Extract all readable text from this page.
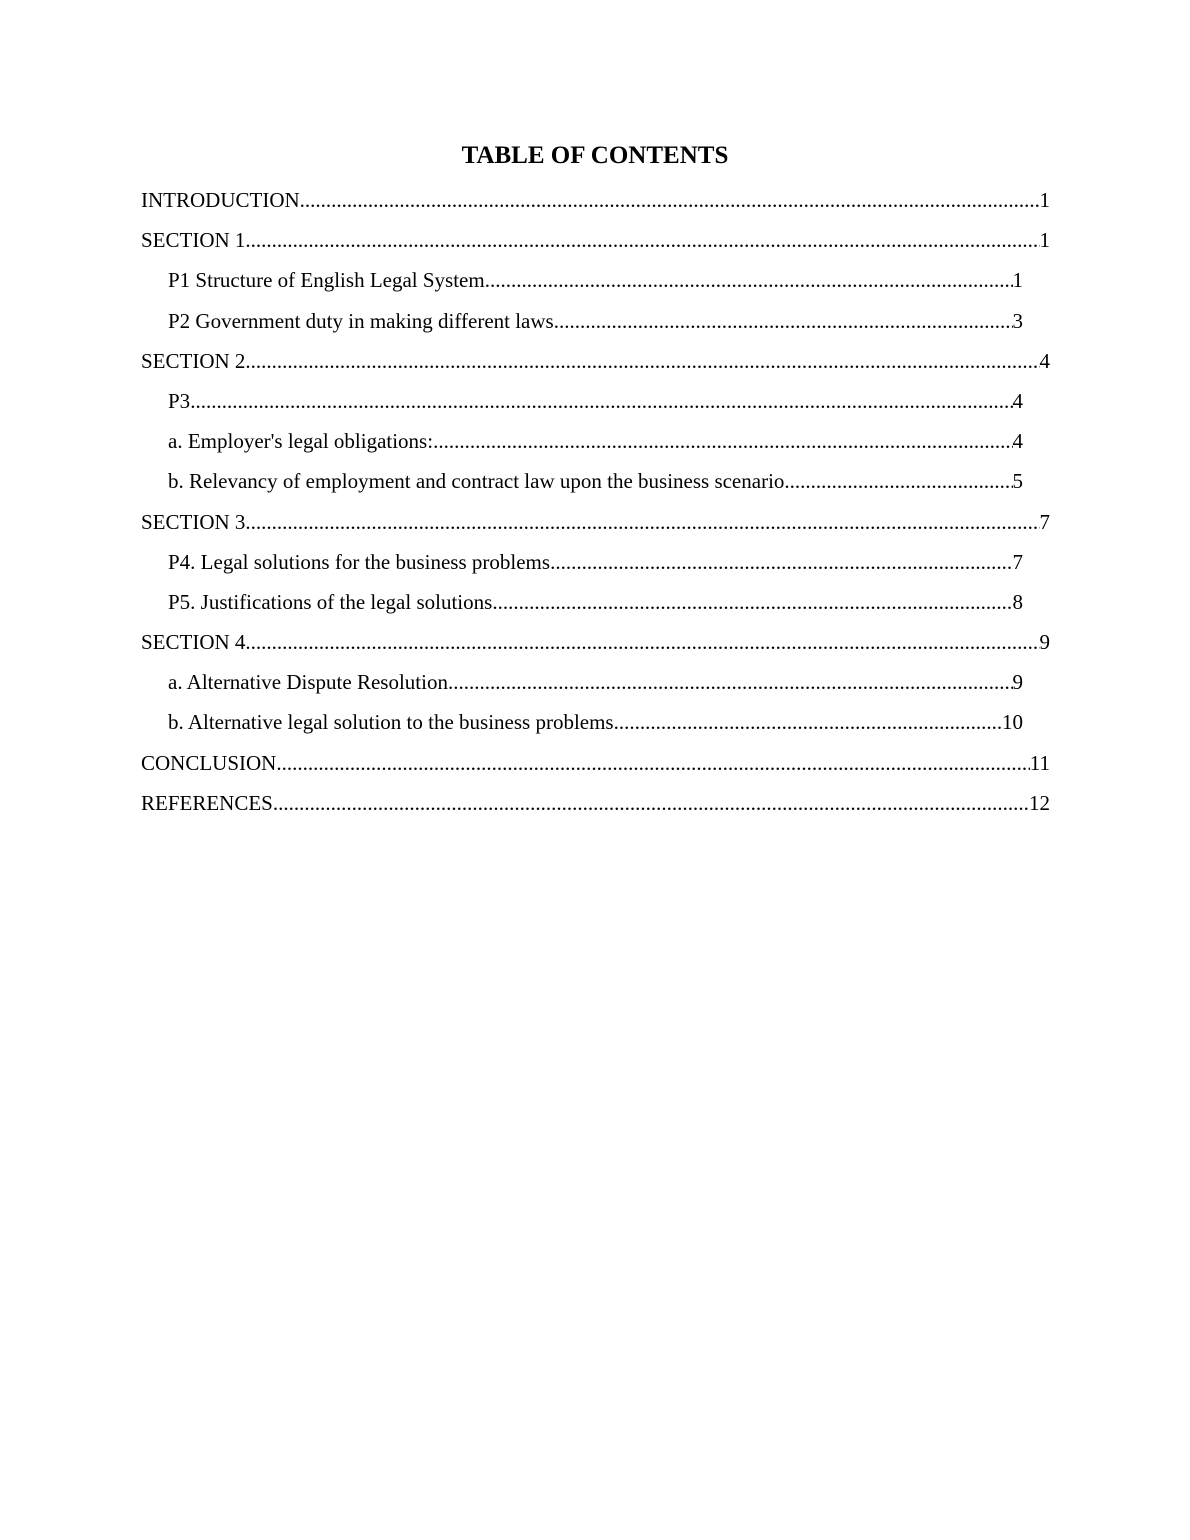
TABLE OF CONTENTS
INTRODUCTION .....	1
SECTION 1 .....	1
P1 Structure of English Legal System .....	1
P2 Government duty in making different laws .....	3
SECTION 2 .....	4
P3 .....	4
a. Employer's legal obligations: .....	4
b. Relevancy of employment and contract law upon the business scenario .....	5
SECTION 3 .....	7
P4. Legal solutions for the business problems .....	7
P5. Justifications of the legal solutions .....	8
SECTION 4 .....	9
a. Alternative Dispute Resolution .....	9
b. Alternative legal solution to the business problems .....	10
CONCLUSION .....	11
REFERENCES .....	12
